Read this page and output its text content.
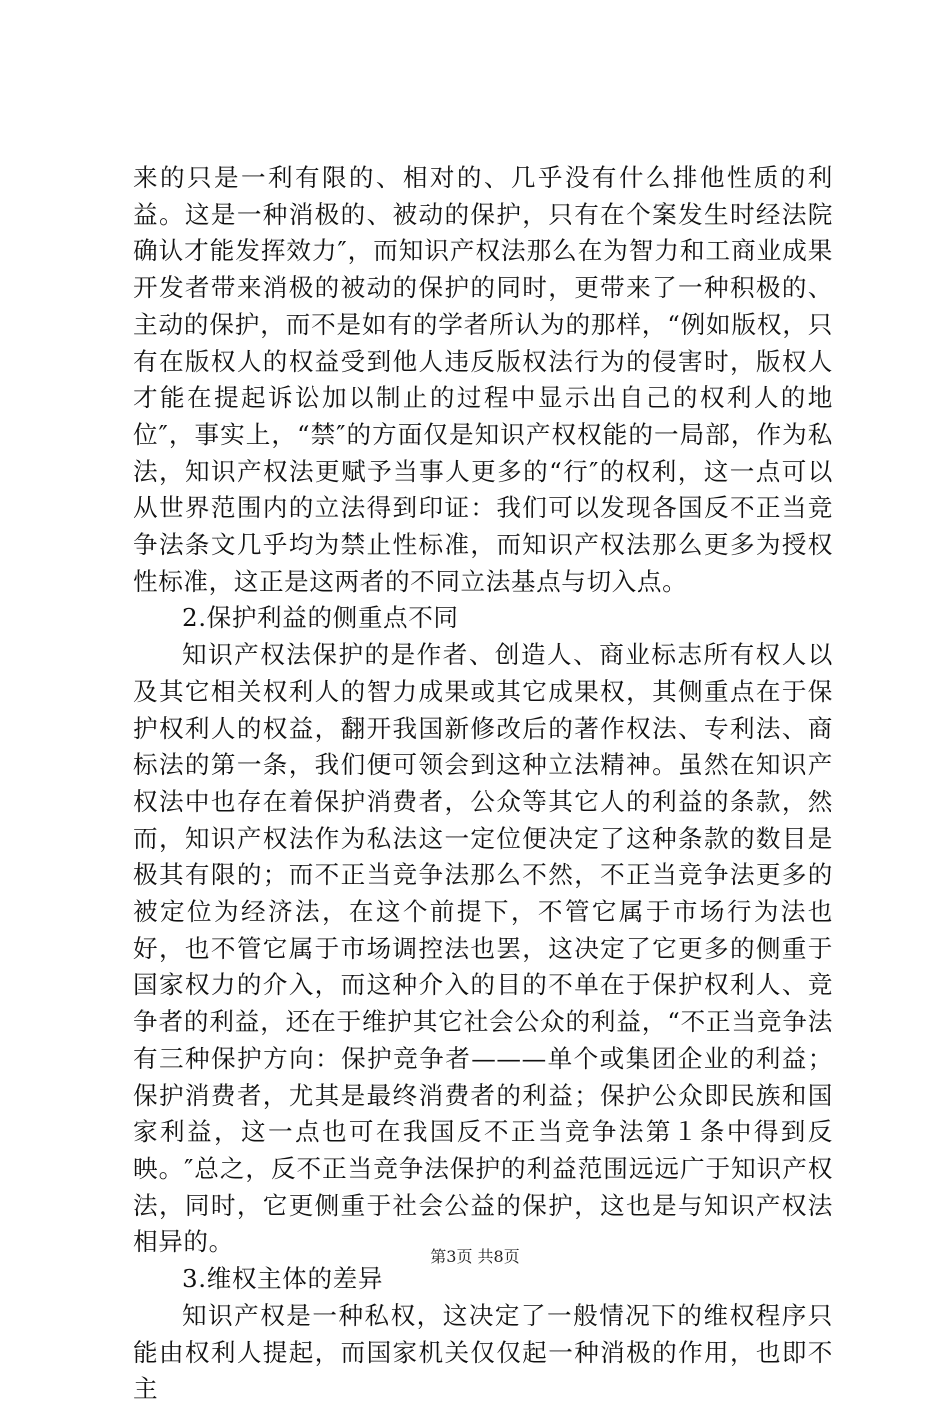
来的只是一利有限的、相对的、几乎没有什么排他性质的利益。这是一种消极的、被动的保护，只有在个案发生时经法院确认才能发挥效力″，而知识产权法那么在为智力和工商业成果开发者带来消极的被动的保护的同时，更带来了一种积极的、主动的保护，而不是如有的学者所认为的那样，“例如版权，只有在版权人的权益受到他人违反版权法行为的侵害时，版权人才能在提起诉讼加以制止的过程中显示出自己的权利人的地位″，事实上，“禁″的方面仅是知识产权权能的一局部，作为私法，知识产权法更赋予当事人更多的“行″的权利，这一点可以从世界范围内的立法得到印证：我们可以发现各国反不正当竞争法条文几乎均为禁止性标准，而知识产权法那么更多为授权性标准，这正是这两者的不同立法基点与切入点。

2.保护利益的侧重点不同

知识产权法保护的是作者、创造人、商业标志所有权人以及其它相关权利人的智力成果或其它成果权，其侧重点在于保护权利人的权益，翻开我国新修改后的著作权法、专利法、商标法的第一条，我们便可领会到这种立法精神。虽然在知识产权法中也存在着保护消费者，公众等其它人的利益的条款，然而，知识产权法作为私法这一定位便决定了这种条款的数目是极其有限的；而不正当竞争法那么不然，不正当竞争法更多的被定位为经济法，在这个前提下，不管它属于市场行为法也好，也不管它属于市场调控法也罢，这决定了它更多的侧重于国家权力的介入，而这种介入的目的不单在于保护权利人、竞争者的利益，还在于维护其它社会公众的利益，“不正当竞争法有三种保护方向：保护竞争者———单个或集团企业的利益；保护消费者，尤其是最终消费者的利益；保护公众即民族和国家利益，这一点也可在我国反不正当竞争法第１条中得到反映。″总之，反不正当竞争法保护的利益范围远远广于知识产权法，同时，它更侧重于社会公益的保护，这也是与知识产权法相异的。

3.维权主体的差异

知识产权是一种私权，这决定了一般情况下的维权程序只能由权利人提起，而国家机关仅仅起一种消极的作用，也即不主

第3页 共8页
